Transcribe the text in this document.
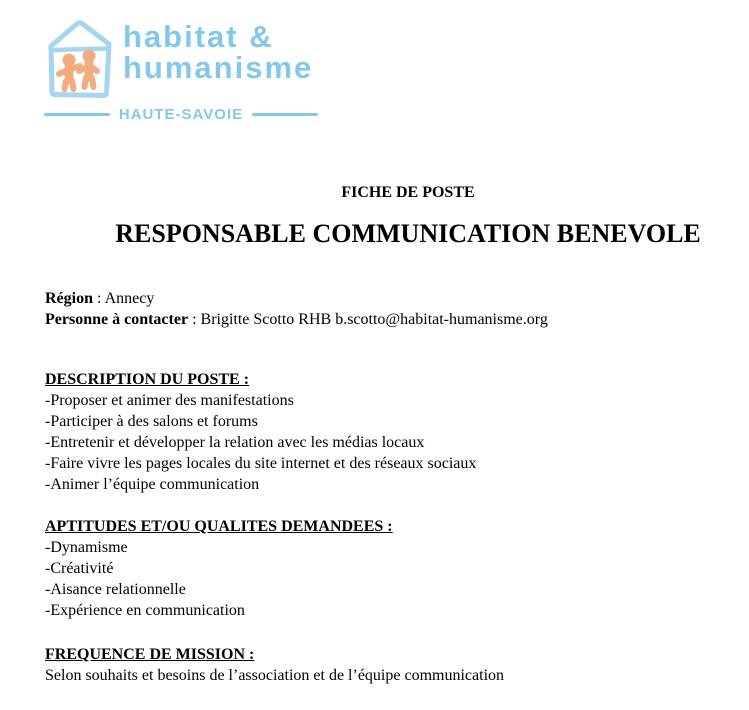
habitat &
humanisme
HAUTE-SAVOIE
FICHE DE POSTE
RESPONSABLE COMMUNICATION BENEVOLE

Région : Annecy

Personne à contacter : Brigitte Scotto RHB b.scotto@habitat-humanisme.org

DESCRIPTION DU POSTE :

-Proposer et animer des manifestations

-Participer à des salons et forums

-Entretenir et développer la relation avec les médias locaux

-Faire vivre les pages locales du site internet et des réseaux sociaux

-Animer l’équipe communication

APTITUDES ET/OU QUALITES DEMANDEES :

-Dynamisme

-Créativité

-Aisance relationnelle

-Expérience en communication

FREQUENCE DE MISSION :

Selon souhaits et besoins de l’association et de l’équipe communication
